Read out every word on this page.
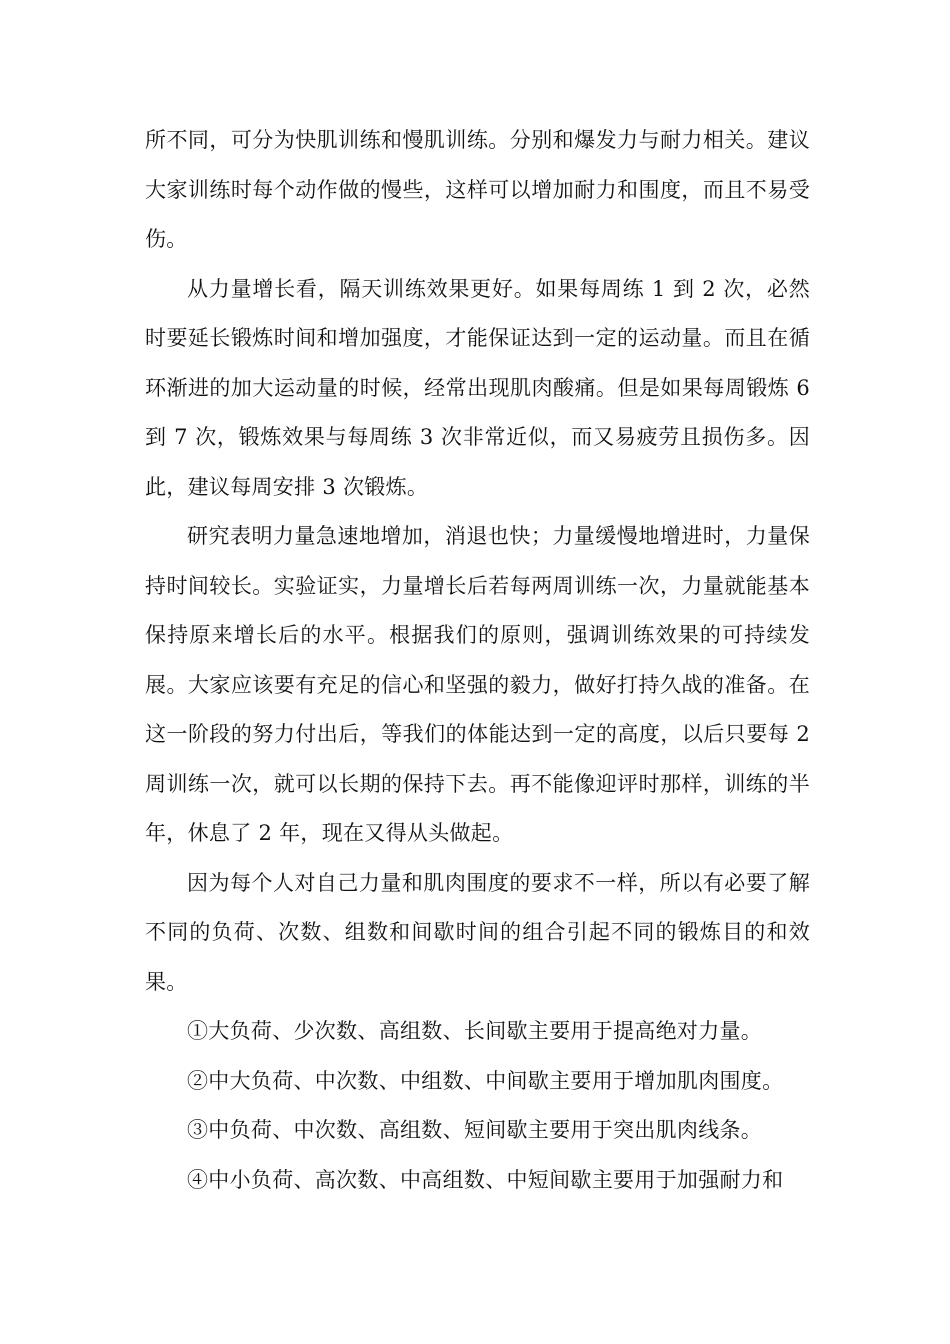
所不同，可分为快肌训练和慢肌训练。分别和爆发力与耐力相关。建议大家训练时每个动作做的慢些，这样可以增加耐力和围度，而且不易受伤。

从力量增长看，隔天训练效果更好。如果每周练 1 到 2 次，必然时要延长锻炼时间和增加强度，才能保证达到一定的运动量。而且在循环渐进的加大运动量的时候，经常出现肌肉酸痛。但是如果每周锻炼 6 到 7 次，锻炼效果与每周练 3 次非常近似，而又易疲劳且损伤多。因此，建议每周安排 3 次锻炼。

研究表明力量急速地增加，消退也快；力量缓慢地增进时，力量保持时间较长。实验证实，力量增长后若每两周训练一次，力量就能基本保持原来增长后的水平。根据我们的原则，强调训练效果的可持续发展。大家应该要有充足的信心和坚强的毅力，做好打持久战的准备。在这一阶段的努力付出后，等我们的体能达到一定的高度，以后只要每 2 周训练一次，就可以长期的保持下去。再不能像迎评时那样，训练的半年，休息了 2 年，现在又得从头做起。

因为每个人对自己力量和肌肉围度的要求不一样，所以有必要了解不同的负荷、次数、组数和间歇时间的组合引起不同的锻炼目的和效果。

①大负荷、少次数、高组数、长间歇主要用于提高绝对力量。

②中大负荷、中次数、中组数、中间歇主要用于增加肌肉围度。

③中负荷、中次数、高组数、短间歇主要用于突出肌肉线条。

④中小负荷、高次数、中高组数、中短间歇主要用于加强耐力和
